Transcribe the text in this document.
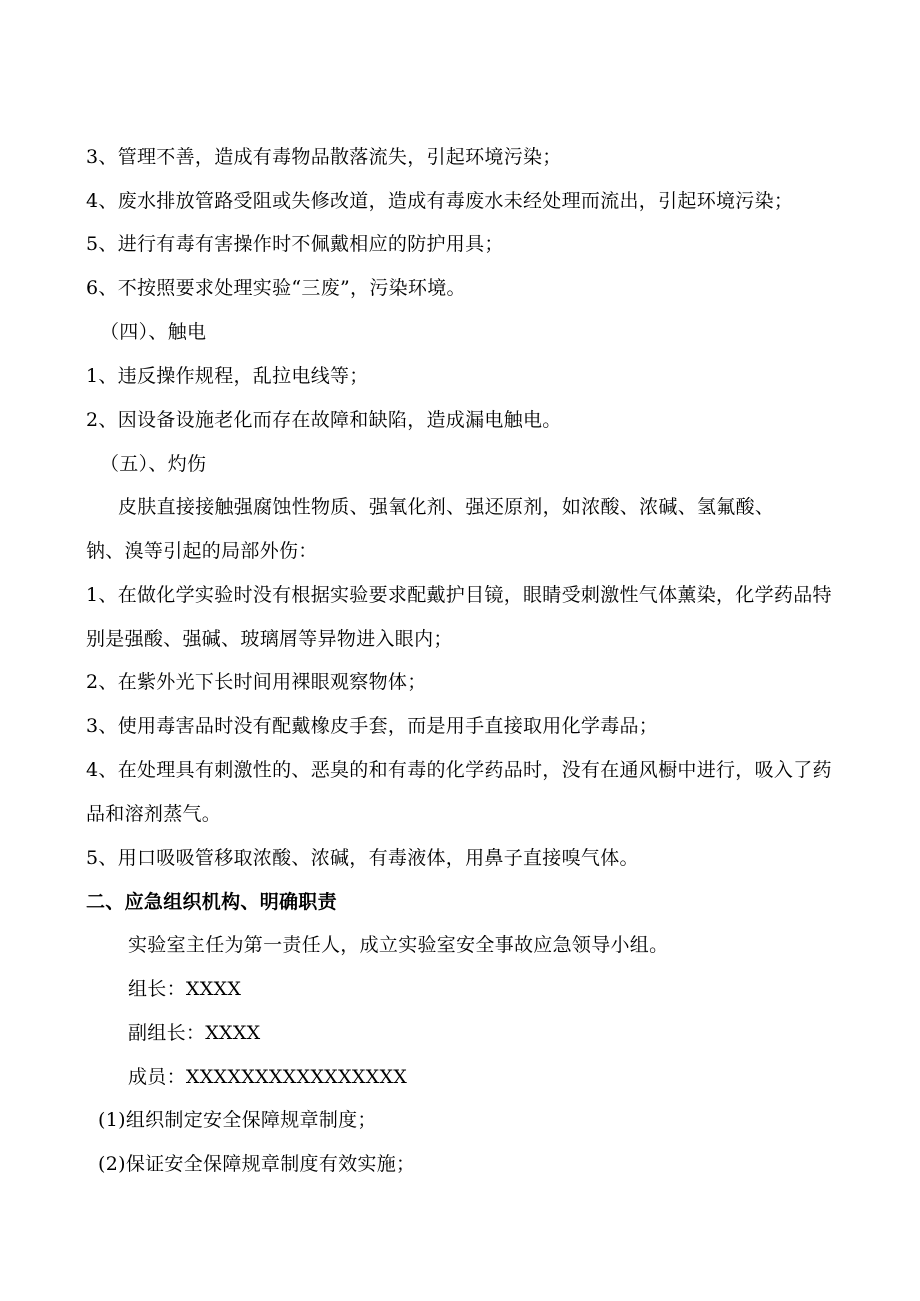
3、管理不善，造成有毒物品散落流失，引起环境污染；
4、废水排放管路受阻或失修改道，造成有毒废水未经处理而流出，引起环境污染；
5、进行有毒有害操作时不佩戴相应的防护用具；
6、不按照要求处理实验“三废”，污染环境。
（四）、触电
1、违反操作规程，乱拉电线等；
2、因设备设施老化而存在故障和缺陷，造成漏电触电。
（五）、灼伤
皮肤直接接触强腐蚀性物质、强氧化剂、强还原剂，如浓酸、浓碱、氢氟酸、
钠、溴等引起的局部外伤：
1、在做化学实验时没有根据实验要求配戴护目镜，眼睛受刺激性气体薰染，化学药品特
别是强酸、强碱、玻璃屑等异物进入眼内；
2、在紫外光下长时间用裸眼观察物体；
3、使用毒害品时没有配戴橡皮手套，而是用手直接取用化学毒品；
4、在处理具有刺激性的、恶臭的和有毒的化学药品时，没有在通风橱中进行，吸入了药
品和溶剂蒸气。
5、用口吸吸管移取浓酸、浓碱，有毒液体，用鼻子直接嗅气体。
二、应急组织机构、明确职责
实验室主任为第一责任人，成立实验室安全事故应急领导小组。
组长：XXXX
副组长：XXXX
成员：XXXXXXXXXXXXXXXX
(1)组织制定安全保障规章制度；
(2)保证安全保障规章制度有效实施；
